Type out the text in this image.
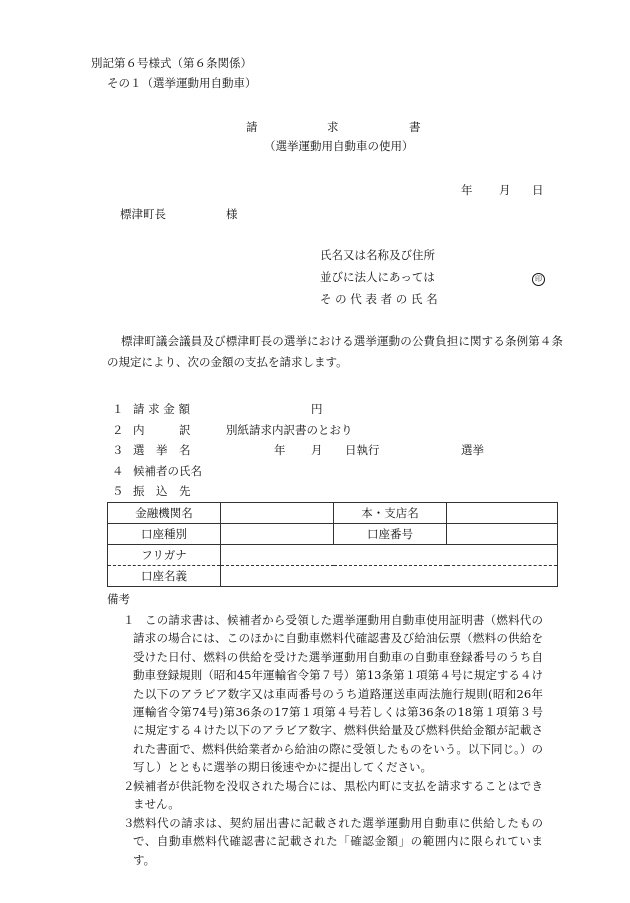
別記第６号様式（第６条関係）
その１（選挙運動用自動車）
請	求	書
（選挙運動用自動車の使用）
年 月 日
標津町長	様
氏名又は名称及び住所
並びに法人にあっては
そ の 代 表 者 の 氏 名
印
標津町議会議員及び標津町長の選挙における選挙運動の公費負担に関する条例第４条の規定により、次の金額の支払を請求します。
１ 請 求 金 額	円
２ 内　　　訳	別紙請求内訳書のとおり
３ 選　挙　名	年 月 日執行	選挙
４ 候補者の氏名
５ 振　込　先
金融機関名		本・支店名	
口座種別		口座番号	
フリガナ			
口座名義			
備考
１ この請求書は、候補者から受領した選挙運動用自動車使用証明書（燃料代の請求の場合には、このほかに自動車燃料代確認書及び給油伝票（燃料の供給を受けた日付、燃料の供給を受けた選挙運動用自動車の自動車登録番号のうち自動車登録規則（昭和45年運輸省令第７号）第13条第１項第４号に規定する４けた以下のアラビア数字又は車両番号のうち道路運送車両法施行規則(昭和26年運輸省令第74号)第36条の17第１項第４号若しくは第36条の18第１項第３号に規定する４けた以下のアラビア数字、燃料供給量及び燃料供給金額が記載された書面で、燃料供給業者から給油の際に受領したものをいう。以下同じ。）の写し）とともに選挙の期日後速やかに提出してください。
２
候補者が供託物を没収された場合には、黒松内町に支払を請求することはできません。
３
燃料代の請求は、契約届出書に記載された選挙運動用自動車に供給したもので、自動車燃料代確認書に記載された「確認金額」の範囲内に限られています。
